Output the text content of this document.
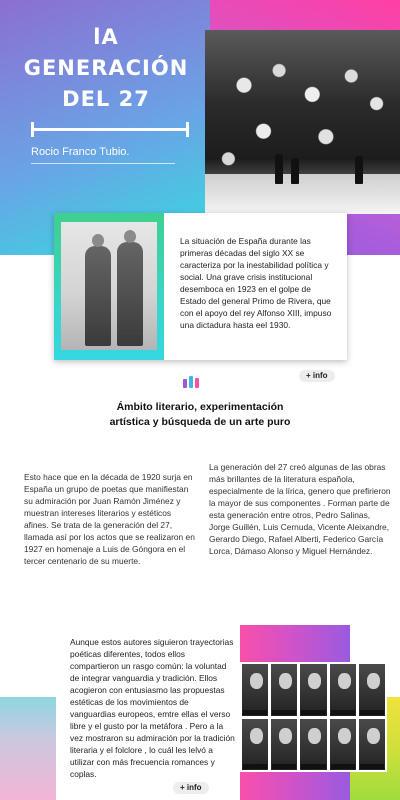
lA
GENERACIÓN
DEL 27
Rocio Franco Tubio.

La situación de España durante las primeras décadas del siglo XX se caracteriza por la inestabilidad política y social. Una grave crisis institucional desemboca en 1923 en el golpe de Estado del general Primo de Rivera, que con el apoyo del rey Alfonso XIII, impuso una dictadura hasta eel 1930.

+ info
Ámbito literario, experimentación artística y búsqueda de un arte puro

Esto hace que en la década de 1920 surja en España un grupo de poetas que manifiestan su admiración por Juan Ramón Jiménez y muestran intereses literarios y estéticos afines. Se trata de la generación del 27, llamada así por los actos que se realizaron en 1927 en homenaje a Luis de Góngora en el tercer centenario de su muerte.

La generación del 27 creó algunas de las obras más brillantes de la literatura española, especialmente de la lírica, genero que prefirieron la mayor de sus componentes . Forman parte de esta generación entre otros, Pedro Salinas, Jorge Guillén, Luis Cernuda, Vicente Aleixandre, Gerardo Diego, Rafael Alberti, Federico García Lorca, Dámaso Alonso y Miguel Hernández.

Aunque estos autores siguieron trayectorias poéticas diferentes, todos ellos compartieron un rasgo común: la voluntad de integrar vanguardia y tradición. Ellos acogieron con entusiasmo las propuestas estéticas de los movimientos de vanguardias europeos, emtre ellas el verso libre y el gusto por la metáfora . Pero a la vez mostraron su admiración por la tradición literaria y el folclore , lo cuál les lelvó a utilizar con más frecuencia romances y coplas.

+ info
